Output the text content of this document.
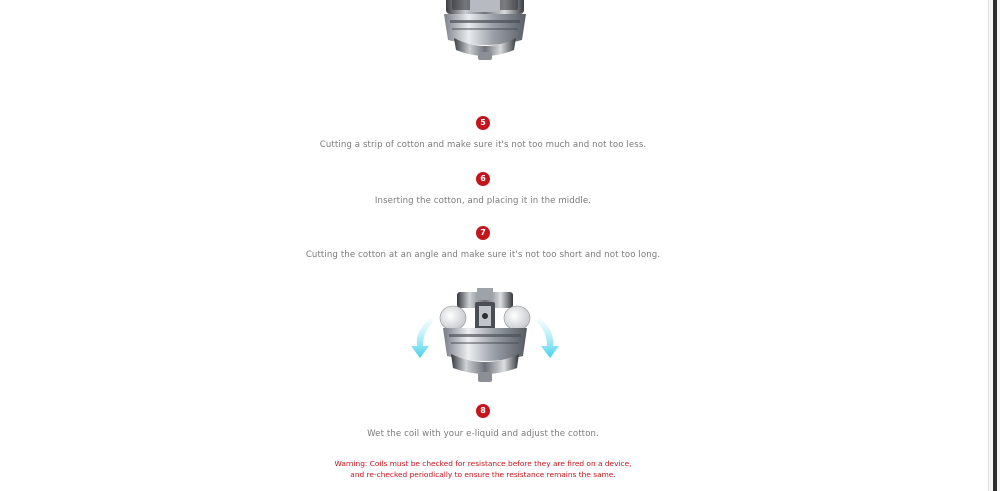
5
Cutting a strip of cotton and make sure it's not too much and not too less.
6
Inserting the cotton, and placing it in the middle.
7
Cutting the cotton at an angle and make sure it's not too short and not too long.
8
Wet the coil with your e-liquid and adjust the cotton.
Warning: Coils must be checked for resistance before they are fired on a device,
and re-checked periodically to ensure the resistance remains the same.
